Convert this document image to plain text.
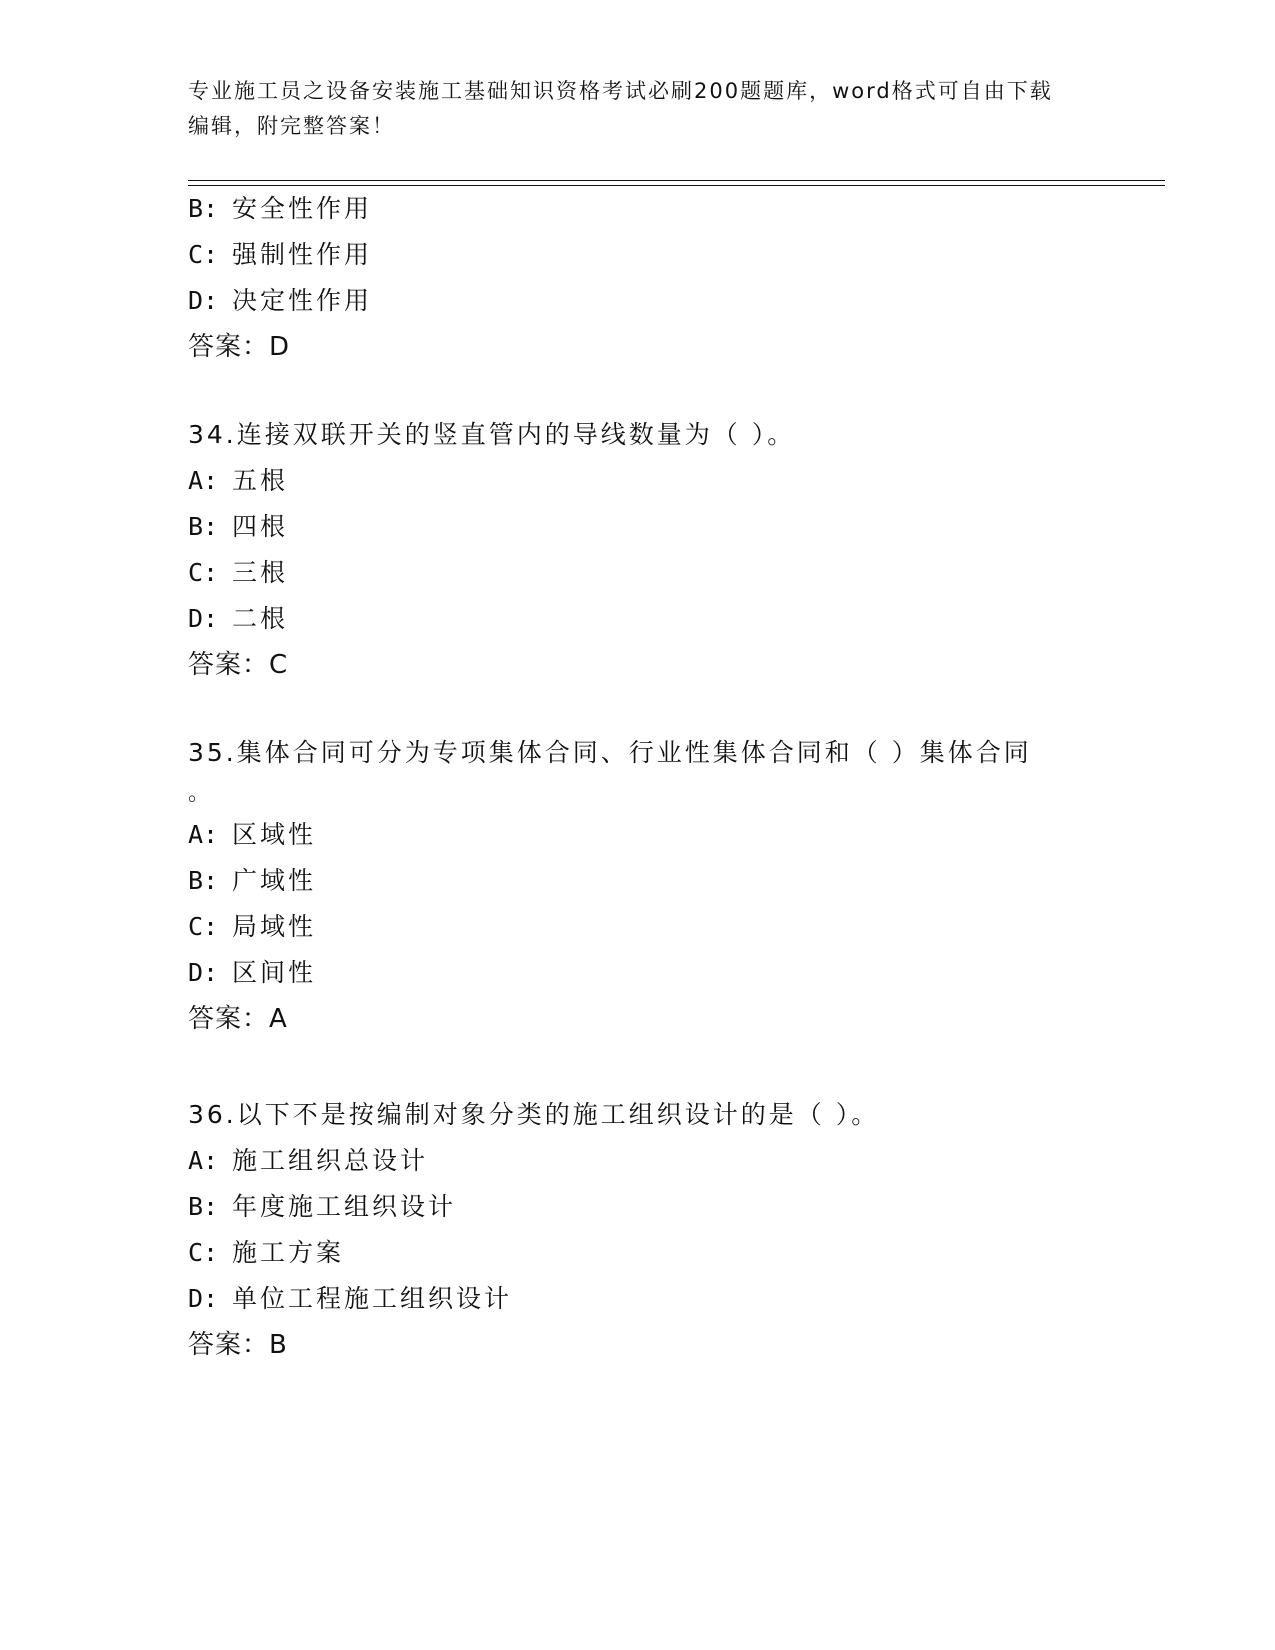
专业施工员之设备安装施工基础知识资格考试必刷200题题库，word格式可自由下载编辑，附完整答案！
B: 安全性作用
C: 强制性作用
D: 决定性作用
答案：D
34.连接双联开关的竖直管内的导线数量为（ ）。
A: 五根
B: 四根
C: 三根
D: 二根
答案：C
35.集体合同可分为专项集体合同、行业性集体合同和（ ）集体合同
。
A: 区域性
B: 广域性
C: 局域性
D: 区间性
答案：A
36.以下不是按编制对象分类的施工组织设计的是（ ）。
A: 施工组织总设计
B: 年度施工组织设计
C: 施工方案
D: 单位工程施工组织设计
答案：B
